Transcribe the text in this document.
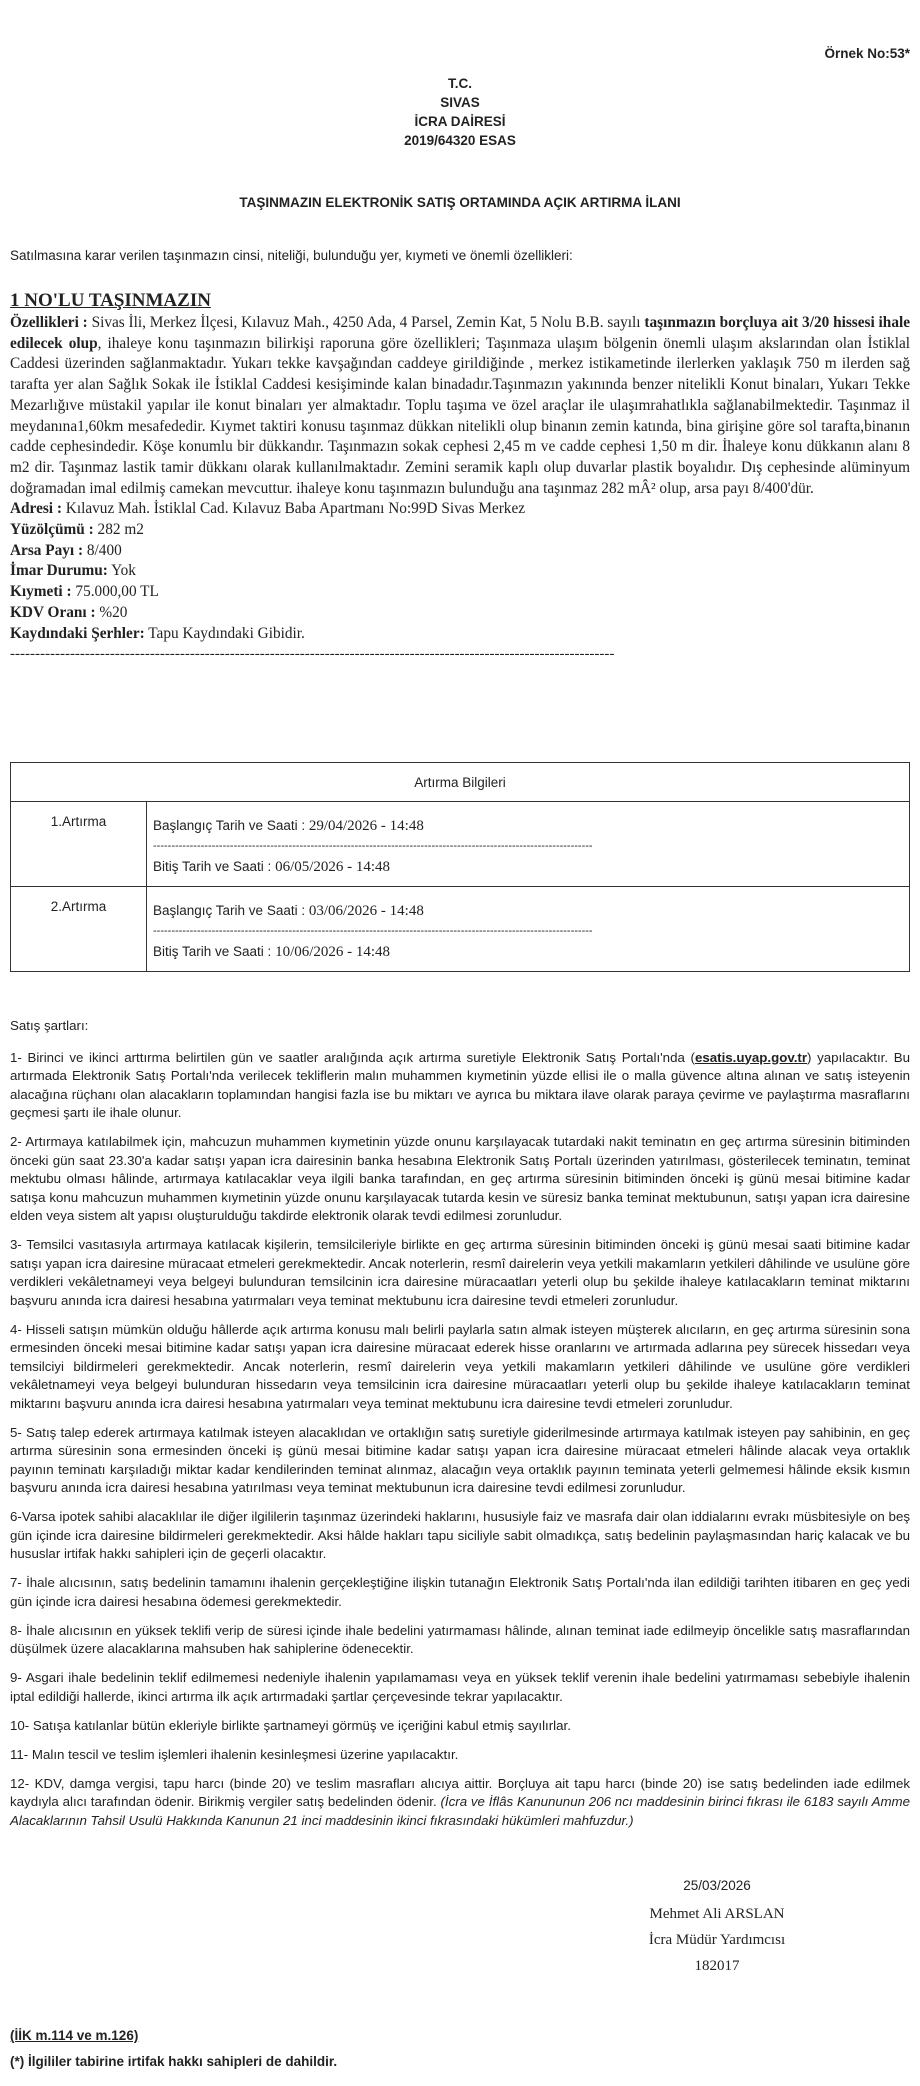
Örnek No:53*
T.C.
SIVAS
İCRA DAİRESİ
2019/64320 ESAS
TAŞINMAZIN ELEKTRONİK SATIŞ ORTAMINDA AÇIK ARTIRMA İLANI
Satılmasına karar verilen taşınmazın cinsi, niteliği, bulunduğu yer, kıymeti ve önemli özellikleri:
1 NO'LU TAŞINMAZIN
Özellikleri : Sivas İli, Merkez İlçesi, Kılavuz Mah., 4250 Ada, 4 Parsel, Zemin Kat, 5 Nolu B.B. sayılı taşınmazın borçluya ait 3/20 hissesi ihale edilecek olup, ihaleye konu taşınmazın bilirkişi raporuna göre özellikleri; Taşınmaza ulaşım bölgenin önemli ulaşım akslarından olan İstiklal Caddesi üzerinden sağlanmaktadır. Yukarı tekke kavşağından caddeye girildiğinde , merkez istikametinde ilerlerken yaklaşık 750 m ilerden sağ tarafta yer alan Sağlık Sokak ile İstiklal Caddesi kesişiminde kalan binadadır.Taşınmazın yakınında benzer nitelikli Konut binaları, Yukarı Tekke Mezarlığıve müstakil yapılar ile konut binaları yer almaktadır. Toplu taşıma ve özel araçlar ile ulaşımrahatlıkla sağlanabilmektedir. Taşınmaz il meydanına1,60km mesafededir. Kıymet taktiri konusu taşınmaz dükkan nitelikli olup binanın zemin katında, bina girişine göre sol tarafta,binanın cadde cephesindedir. Köşe konumlu bir dükkandır. Taşınmazın sokak cephesi 2,45 m ve cadde cephesi 1,50 m dir. İhaleye konu dükkanın alanı 8 m2 dir. Taşınmaz lastik tamir dükkanı olarak kullanılmaktadır. Zemini seramik kaplı olup duvarlar plastik boyalıdır. Dış cephesinde alüminyum doğramadan imal edilmiş camekan mevcuttur. ihaleye konu taşınmazın bulunduğu ana taşınmaz 282 mÂ² olup, arsa payı 8/400'dür.
Adresi : Kılavuz Mah. İstiklal Cad. Kılavuz Baba Apartmanı No:99D Sivas Merkez
Yüzölçümü : 282 m2
Arsa Payı : 8/400
İmar Durumu: Yok
Kıymeti : 75.000,00 TL
KDV Oranı : %20
Kaydındaki Şerhler: Tapu Kaydındaki Gibidir.
-------------------------------------------------------------------------------------------------------------------------
Artırma Bilgileri	
1.Artırma	Başlangıç Tarih ve Saati : 29/04/2026 - 14:48
------------------------------------------------------------------------------------------------------------------------
Bitiş Tarih ve Saati : 06/05/2026 - 14:48

2.Artırma	Başlangıç Tarih ve Saati : 03/06/2026 - 14:48
------------------------------------------------------------------------------------------------------------------------
Bitiş Tarih ve Saati : 10/06/2026 - 14:48

Satış şartları:

1- Birinci ve ikinci arttırma belirtilen gün ve saatler aralığında açık artırma suretiyle Elektronik Satış Portalı'nda (esatis.uyap.gov.tr) yapılacaktır. Bu artırmada Elektronik Satış Portalı'nda verilecek tekliflerin malın muhammen kıymetinin yüzde ellisi ile o malla güvence altına alınan ve satış isteyenin alacağına rüçhanı olan alacakların toplamından hangisi fazla ise bu miktarı ve ayrıca bu miktara ilave olarak paraya çevirme ve paylaştırma masraflarını geçmesi şartı ile ihale olunur.

2- Artırmaya katılabilmek için, mahcuzun muhammen kıymetinin yüzde onunu karşılayacak tutardaki nakit teminatın en geç artırma süresinin bitiminden önceki gün saat 23.30'a kadar satışı yapan icra dairesinin banka hesabına Elektronik Satış Portalı üzerinden yatırılması, gösterilecek teminatın, teminat mektubu olması hâlinde, artırmaya katılacaklar veya ilgili banka tarafından, en geç artırma süresinin bitiminden önceki iş günü mesai bitimine kadar satışa konu mahcuzun muhammen kıymetinin yüzde onunu karşılayacak tutarda kesin ve süresiz banka teminat mektubunun, satışı yapan icra dairesine elden veya sistem alt yapısı oluşturulduğu takdirde elektronik olarak tevdi edilmesi zorunludur.

3- Temsilci vasıtasıyla artırmaya katılacak kişilerin, temsilcileriyle birlikte en geç artırma süresinin bitiminden önceki iş günü mesai saati bitimine kadar satışı yapan icra dairesine müracaat etmeleri gerekmektedir. Ancak noterlerin, resmî dairelerin veya yetkili makamların yetkileri dâhilinde ve usulüne göre verdikleri vekâletnameyi veya belgeyi bulunduran temsilcinin icra dairesine müracaatları yeterli olup bu şekilde ihaleye katılacakların teminat miktarını başvuru anında icra dairesi hesabına yatırmaları veya teminat mektubunu icra dairesine tevdi etmeleri zorunludur.

4- Hisseli satışın mümkün olduğu hâllerde açık artırma konusu malı belirli paylarla satın almak isteyen müşterek alıcıların, en geç artırma süresinin sona ermesinden önceki mesai bitimine kadar satışı yapan icra dairesine müracaat ederek hisse oranlarını ve artırmada adlarına pey sürecek hissedarı veya temsilciyi bildirmeleri gerekmektedir. Ancak noterlerin, resmî dairelerin veya yetkili makamların yetkileri dâhilinde ve usulüne göre verdikleri vekâletnameyi veya belgeyi bulunduran hissedarın veya temsilcinin icra dairesine müracaatları yeterli olup bu şekilde ihaleye katılacakların teminat miktarını başvuru anında icra dairesi hesabına yatırmaları veya teminat mektubunu icra dairesine tevdi etmeleri zorunludur.

5- Satış talep ederek artırmaya katılmak isteyen alacaklıdan ve ortaklığın satış suretiyle giderilmesinde artırmaya katılmak isteyen pay sahibinin, en geç artırma süresinin sona ermesinden önceki iş günü mesai bitimine kadar satışı yapan icra dairesine müracaat etmeleri hâlinde alacak veya ortaklık payının teminatı karşıladığı miktar kadar kendilerinden teminat alınmaz, alacağın veya ortaklık payının teminata yeterli gelmemesi hâlinde eksik kısmın başvuru anında icra dairesi hesabına yatırılması veya teminat mektubunun icra dairesine tevdi edilmesi zorunludur.

6-Varsa ipotek sahibi alacaklılar ile diğer ilgililerin taşınmaz üzerindeki haklarını, hususiyle faiz ve masrafa dair olan iddialarını evrakı müsbitesiyle on beş gün içinde icra dairesine bildirmeleri gerekmektedir. Aksi hâlde hakları tapu siciliyle sabit olmadıkça, satış bedelinin paylaşmasından hariç kalacak ve bu hususlar irtifak hakkı sahipleri için de geçerli olacaktır.

7- İhale alıcısının, satış bedelinin tamamını ihalenin gerçekleştiğine ilişkin tutanağın Elektronik Satış Portalı'nda ilan edildiği tarihten itibaren en geç yedi gün içinde icra dairesi hesabına ödemesi gerekmektedir.

8- İhale alıcısının en yüksek teklifi verip de süresi içinde ihale bedelini yatırmaması hâlinde, alınan teminat iade edilmeyip öncelikle satış masraflarından düşülmek üzere alacaklarına mahsuben hak sahiplerine ödenecektir.

9- Asgari ihale bedelinin teklif edilmemesi nedeniyle ihalenin yapılamaması veya en yüksek teklif verenin ihale bedelini yatırmaması sebebiyle ihalenin iptal edildiği hallerde, ikinci artırma ilk açık artırmadaki şartlar çerçevesinde tekrar yapılacaktır.

10- Satışa katılanlar bütün ekleriyle birlikte şartnameyi görmüş ve içeriğini kabul etmiş sayılırlar.

11- Malın tescil ve teslim işlemleri ihalenin kesinleşmesi üzerine yapılacaktır.

12- KDV, damga vergisi, tapu harcı (binde 20) ve teslim masrafları alıcıya aittir. Borçluya ait tapu harcı (binde 20) ise satış bedelinden iade edilmek kaydıyla alıcı tarafından ödenir. Birikmiş vergiler satış bedelinden ödenir. (İcra ve İflâs Kanununun 206 ncı maddesinin birinci fıkrası ile 6183 sayılı Amme Alacaklarının Tahsil Usulü Hakkında Kanunun 21 inci maddesinin ikinci fıkrasındaki hükümleri mahfuzdur.)

25/03/2026
Mehmet Ali ARSLAN
İcra Müdür Yardımcısı
182017
(İİK m.114 ve m.126)
(*) İlgililer tabirine irtifak hakkı sahipleri de dahildir.
